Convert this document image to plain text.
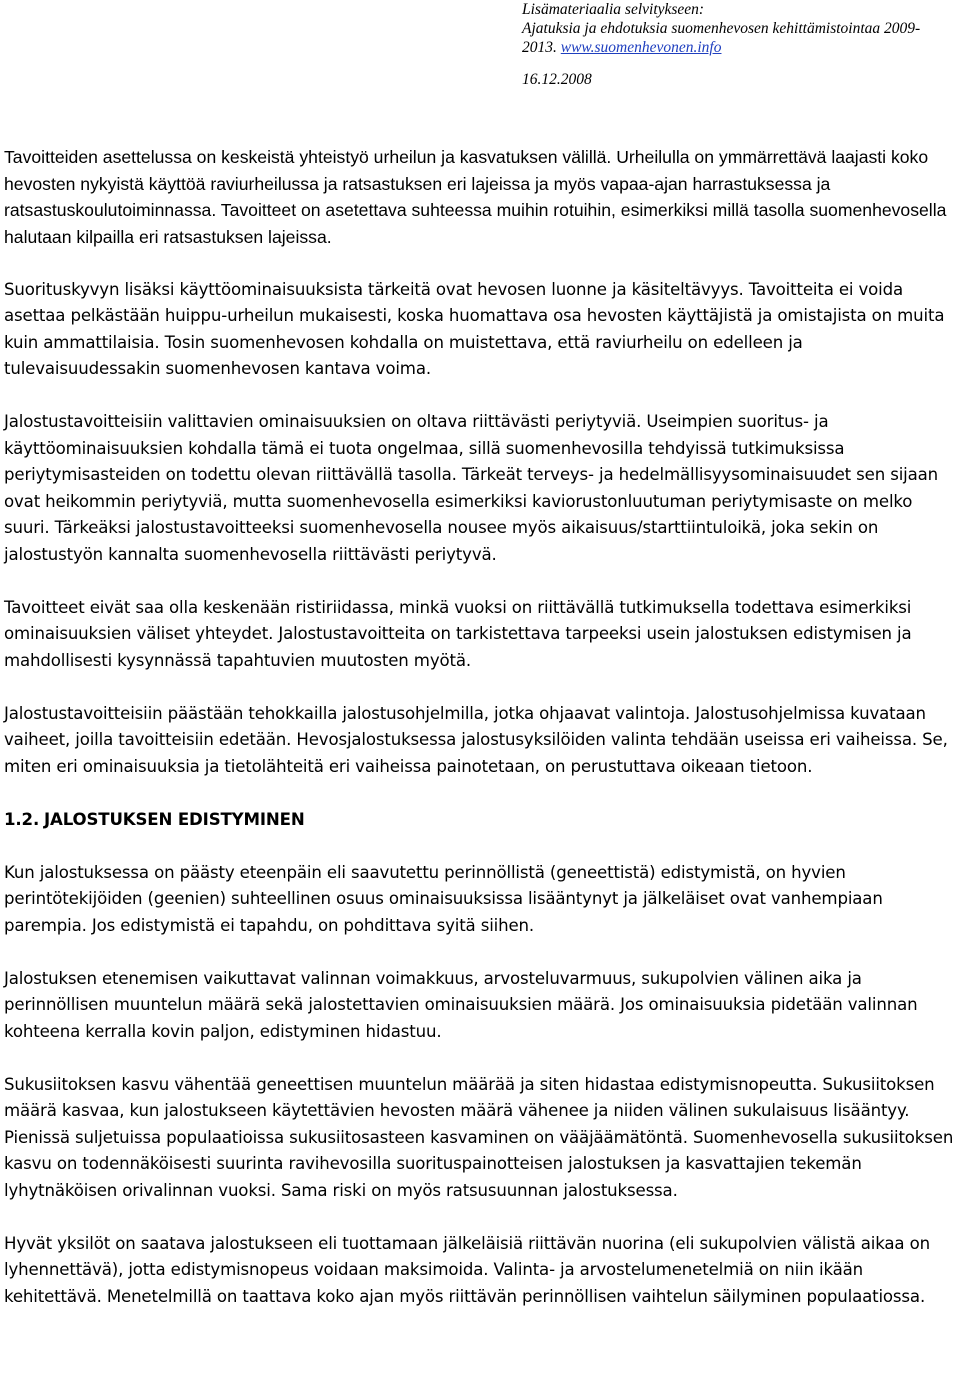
Lisämateriaalia selvitykseen:
Ajatuksia ja ehdotuksia suomenhevosen kehittämistointaa 2009-
2013. www.suomenhevonen.info
16.12.2008

Tavoitteiden asettelussa on keskeistä yhteistyö urheilun ja kasvatuksen välillä. Urheilulla on ymmärrettävä laajasti koko hevosten nykyistä käyttöä raviurheilussa ja ratsastuksen eri lajeissa ja myös vapaa-ajan harrastuksessa ja ratsastuskoulutoiminnassa. Tavoitteet on asetettava suhteessa muihin rotuihin, esimerkiksi millä tasolla suomenhevosella halutaan kilpailla eri ratsastuksen lajeissa.

Suorituskyvyn lisäksi käyttöominaisuuksista tärkeitä ovat hevosen luonne ja käsiteltävyys. Tavoitteita ei voida asettaa pelkästään huippu-urheilun mukaisesti, koska huomattava osa hevosten käyttäjistä ja omistajista on muita kuin ammattilaisia. Tosin suomenhevosen kohdalla on muistettava, että raviurheilu on edelleen ja tulevaisuudessakin suomenhevosen kantava voima.

Jalostustavoitteisiin valittavien ominaisuuksien on oltava riittävästi periytyviä. Useimpien suoritus- ja käyttöominaisuuksien kohdalla tämä ei tuota ongelmaa, sillä suomenhevosilla tehdyissä tutkimuksissa periytymisasteiden on todettu olevan riittävällä tasolla. Tärkeät terveys- ja hedelmällisyysominaisuudet sen sijaan ovat heikommin periytyviä, mutta suomenhevosella esimerkiksi kaviorustonluutuman periytymisaste on melko suuri. Tärkeäksi jalostustavoitteeksi suomenhevosella nousee myös aikaisuus/starttiintuloikä, joka sekin on jalostustyön kannalta suomenhevosella riittävästi periytyvä.

Tavoitteet eivät saa olla keskenään ristiriidassa, minkä vuoksi on riittävällä tutkimuksella todettava esimerkiksi ominaisuuksien väliset yhteydet. Jalostustavoitteita on tarkistettava tarpeeksi usein jalostuksen edistymisen ja mahdollisesti kysynnässä tapahtuvien muutosten myötä.

Jalostustavoitteisiin päästään tehokkailla jalostusohjelmilla, jotka ohjaavat valintoja. Jalostusohjelmissa kuvataan vaiheet, joilla tavoitteisiin edetään. Hevosjalostuksessa jalostusyksilöiden valinta tehdään useissa eri vaiheissa. Se, miten eri ominaisuuksia ja tietolähteitä eri vaiheissa painotetaan, on perustuttava oikeaan tietoon.

1.2. JALOSTUKSEN EDISTYMINEN

Kun jalostuksessa on päästy eteenpäin eli saavutettu perinnöllistä (geneettistä) edistymistä, on hyvien perintötekijöiden (geenien) suhteellinen osuus ominaisuuksissa lisääntynyt ja jälkeläiset ovat vanhempiaan parempia. Jos edistymistä ei tapahdu, on pohdittava syitä siihen.

Jalostuksen etenemisen vaikuttavat valinnan voimakkuus, arvosteluvarmuus, sukupolvien välinen aika ja perinnöllisen muuntelun määrä sekä jalostettavien ominaisuuksien määrä. Jos ominaisuuksia pidetään valinnan kohteena kerralla kovin paljon, edistyminen hidastuu.

Sukusiitoksen kasvu vähentää geneettisen muuntelun määrää ja siten hidastaa edistymisnopeutta. Sukusiitoksen määrä kasvaa, kun jalostukseen käytettävien hevosten määrä vähenee ja niiden välinen sukulaisuus lisääntyy. Pienissä suljetuissa populaatioissa sukusiitosasteen kasvaminen on vääjäämätöntä. Suomenhevosella sukusiitoksen kasvu on todennäköisesti suurinta ravihevosilla suorituspainotteisen jalostuksen ja kasvattajien tekemän lyhytnäköisen orivalinnan vuoksi. Sama riski on myös ratsusuunnan jalostuksessa.

Hyvät yksilöt on saatava jalostukseen eli tuottamaan jälkeläisiä riittävän nuorina (eli sukupolvien välistä aikaa on lyhennettävä), jotta edistymisnopeus voidaan maksimoida. Valinta- ja arvostelumenetelmiä on niin ikään kehitettävä. Menetelmillä on taattava koko ajan myös riittävän perinnöllisen vaihtelun säilyminen populaatiossa.
